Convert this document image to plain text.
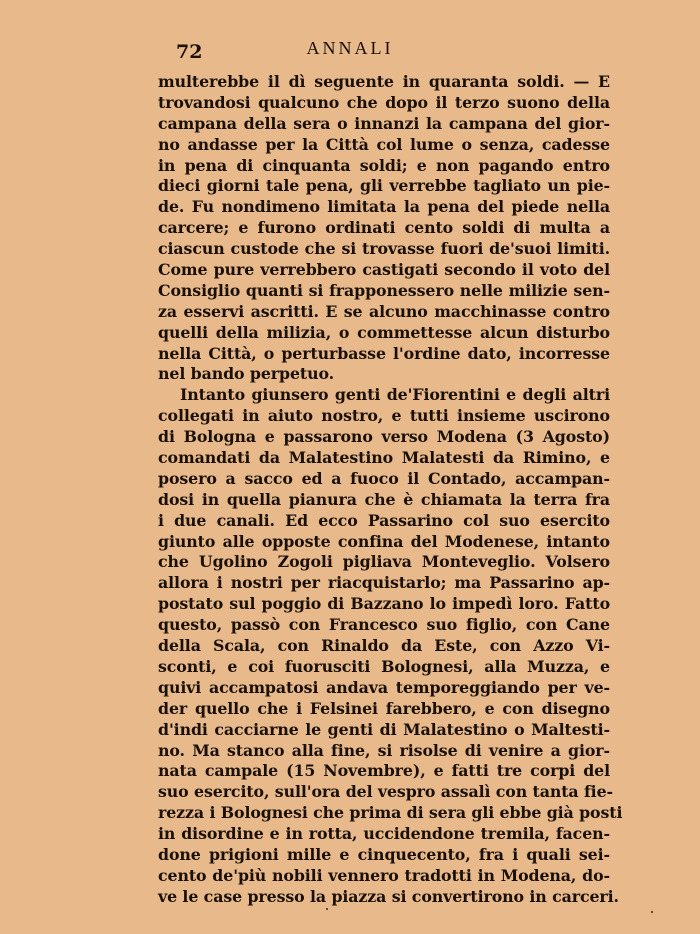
72	ANNALI
multerebbe il dì seguente in quaranta soldi. — E
trovandosi qualcuno che dopo il terzo suono della
campana della sera o innanzi la campana del gior-
no andasse per la Città col lume o senza, cadesse
in pena di cinquanta soldi; e non pagando entro
dieci giorni tale pena, gli verrebbe tagliato un pie-
de. Fu nondimeno limitata la pena del piede nella
carcere; e furono ordinati cento soldi di multa a
ciascun custode che si trovasse fuori de'suoi limiti.
Come pure verrebbero castigati secondo il voto del
Consiglio quanti si frapponessero nelle milizie sen-
za esservi ascritti. E se alcuno macchinasse contro
quelli della milizia, o commettesse alcun disturbo
nella Città, o perturbasse l'ordine dato, incorresse
nel bando perpetuo.
Intanto giunsero genti de'Fiorentini e degli altri
collegati in aiuto nostro, e tutti insieme uscirono
di Bologna e passarono verso Modena (3 Agosto)
comandati da Malatestino Malatesti da Rimino, e
posero a sacco ed a fuoco il Contado, accampan-
dosi in quella pianura che è chiamata la terra fra
i due canali. Ed ecco Passarino col suo esercito
giunto alle opposte confina del Modenese, intanto
che Ugolino Zogoli pigliava Monteveglio. Volsero
allora i nostri per riacquistarlo; ma Passarino ap-
postato sul poggio di Bazzano lo impedì loro. Fatto
questo, passò con Francesco suo figlio, con Cane
della Scala, con Rinaldo da Este, con Azzo Vi-
sconti, e coi fuorusciti Bolognesi, alla Muzza, e
quivi accampatosi andava temporeggiando per ve-
der quello che i Felsinei farebbero, e con disegno
d'indi cacciarne le genti di Malatestino o Maltesti-
no. Ma stanco alla fine, si risolse di venire a gior-
nata campale (15 Novembre), e fatti tre corpi del
suo esercito, sull'ora del vespro assalì con tanta fie-
rezza i Bolognesi che prima di sera gli ebbe già posti
in disordine e in rotta, uccidendone tremila, facen-
done prigioni mille e cinquecento, fra i quali sei-
cento de'più nobili vennero tradotti in Modena, do-
ve le case presso la piazza si convertirono in carceri.
